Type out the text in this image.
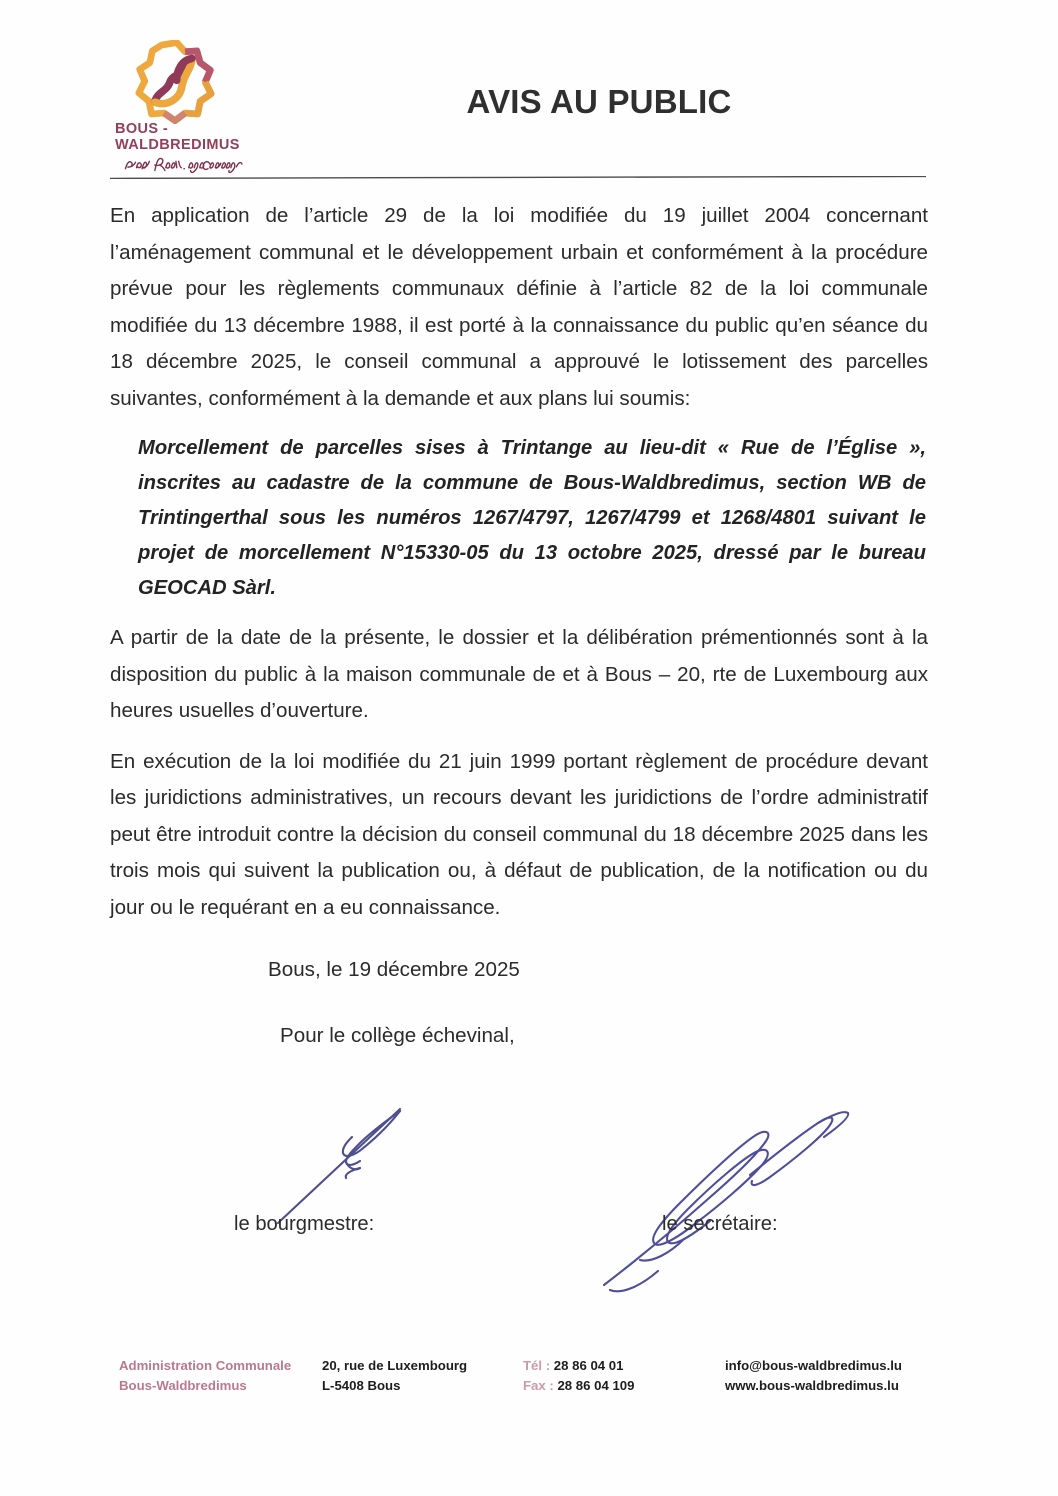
BOUS -
WALDBREDIMUS
AVIS AU PUBLIC

En application de l’article 29 de la loi modifiée du 19 juillet 2004 concernant l’aménagement communal et le développement urbain et conformément à la procédure prévue pour les règlements communaux définie à l’article 82 de la loi communale modifiée du 13 décembre 1988, il est porté à la connaissance du public qu’en séance du 18 décembre 2025, le conseil communal a approuvé le lotissement des parcelles suivantes, conformément à la demande et aux plans lui soumis:

Morcellement de parcelles sises à Trintange au lieu-dit « Rue de l’Église », inscrites au cadastre de la commune de Bous-Waldbredimus, section WB de Trintingerthal sous les numéros 1267/4797, 1267/4799 et 1268/4801 suivant le projet de morcellement N°15330-05 du 13 octobre 2025, dressé par le bureau GEOCAD Sàrl.

A partir de la date de la présente, le dossier et la délibération prémentionnés sont à la disposition du public à la maison communale de et à Bous – 20, rte de Luxembourg aux heures usuelles d’ouverture.

En exécution de la loi modifiée du 21 juin 1999 portant règlement de procédure devant les juridictions administratives, un recours devant les juridictions de l’ordre administratif peut être introduit contre la décision du conseil communal du 18 décembre 2025 dans les trois mois qui suivent la publication ou, à défaut de publication, de la notification ou du jour ou le requérant en a eu connaissance.

Bous, le 19 décembre 2025
Pour le collège échevinal,
le bourgmestre:	le secrétaire:
Administration Communale
Bous-Waldbredimus
20, rue de Luxembourg
L-5408 Bous
Tél : 28 86 04 01
Fax : 28 86 04 109
info@bous-waldbredimus.lu
www.bous-waldbredimus.lu
